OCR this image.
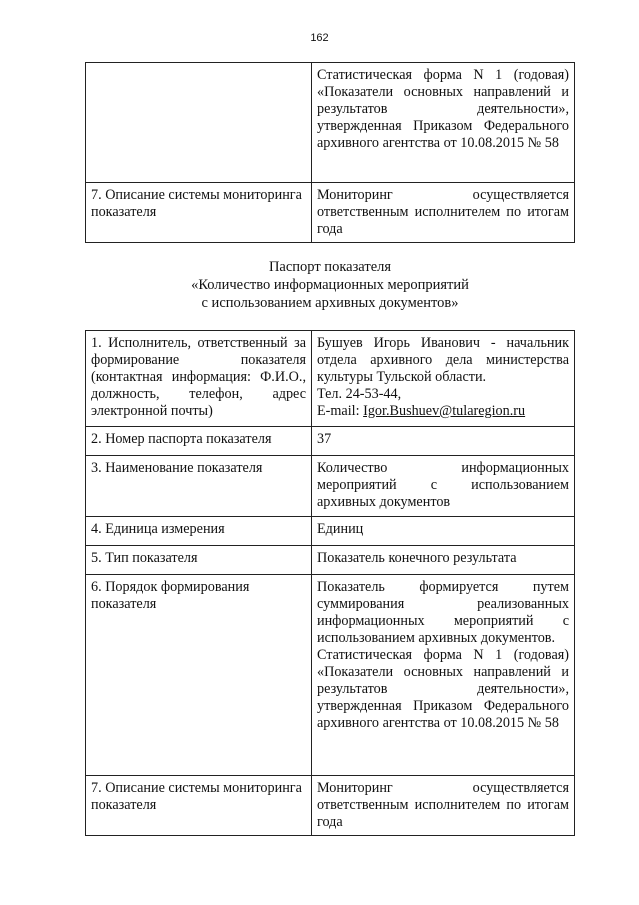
162
	Статистическая форма N 1 (годовая) «Показатели основных направлений и результатов деятельности», утвержденная Приказом Федерального архивного агентства от 10.08.2015 № 58
7. Описание системы мониторинга показателя	Мониторинг осуществляется ответственным исполнителем по итогам года
Паспорт показателя
«Количество информационных мероприятий
с использованием архивных документов»
1. Исполнитель, ответственный за формирование показателя (контактная информация: Ф.И.О., должность, телефон, адрес электронной почты)	Бушуев Игорь Иванович - начальник отдела архивного дела министерства культуры Тульской области.
Тел. 24-53-44,
E-mail: Igor.Bushuev@tularegion.ru

2. Номер паспорта показателя	37
3. Наименование показателя	Количество информационных мероприятий с использованием архивных документов
4. Единица измерения	Единиц
5. Тип показателя	Показатель конечного результата
6. Порядок формирования показателя	Показатель формируется путем суммирования реализованных информационных мероприятий с использованием архивных документов.
Статистическая форма N 1 (годовая) «Показатели основных направлений и результатов деятельности», утвержденная Приказом Федерального архивного агентства от 10.08.2015 № 58

7. Описание системы мониторинга показателя	Мониторинг осуществляется ответственным исполнителем по итогам года
